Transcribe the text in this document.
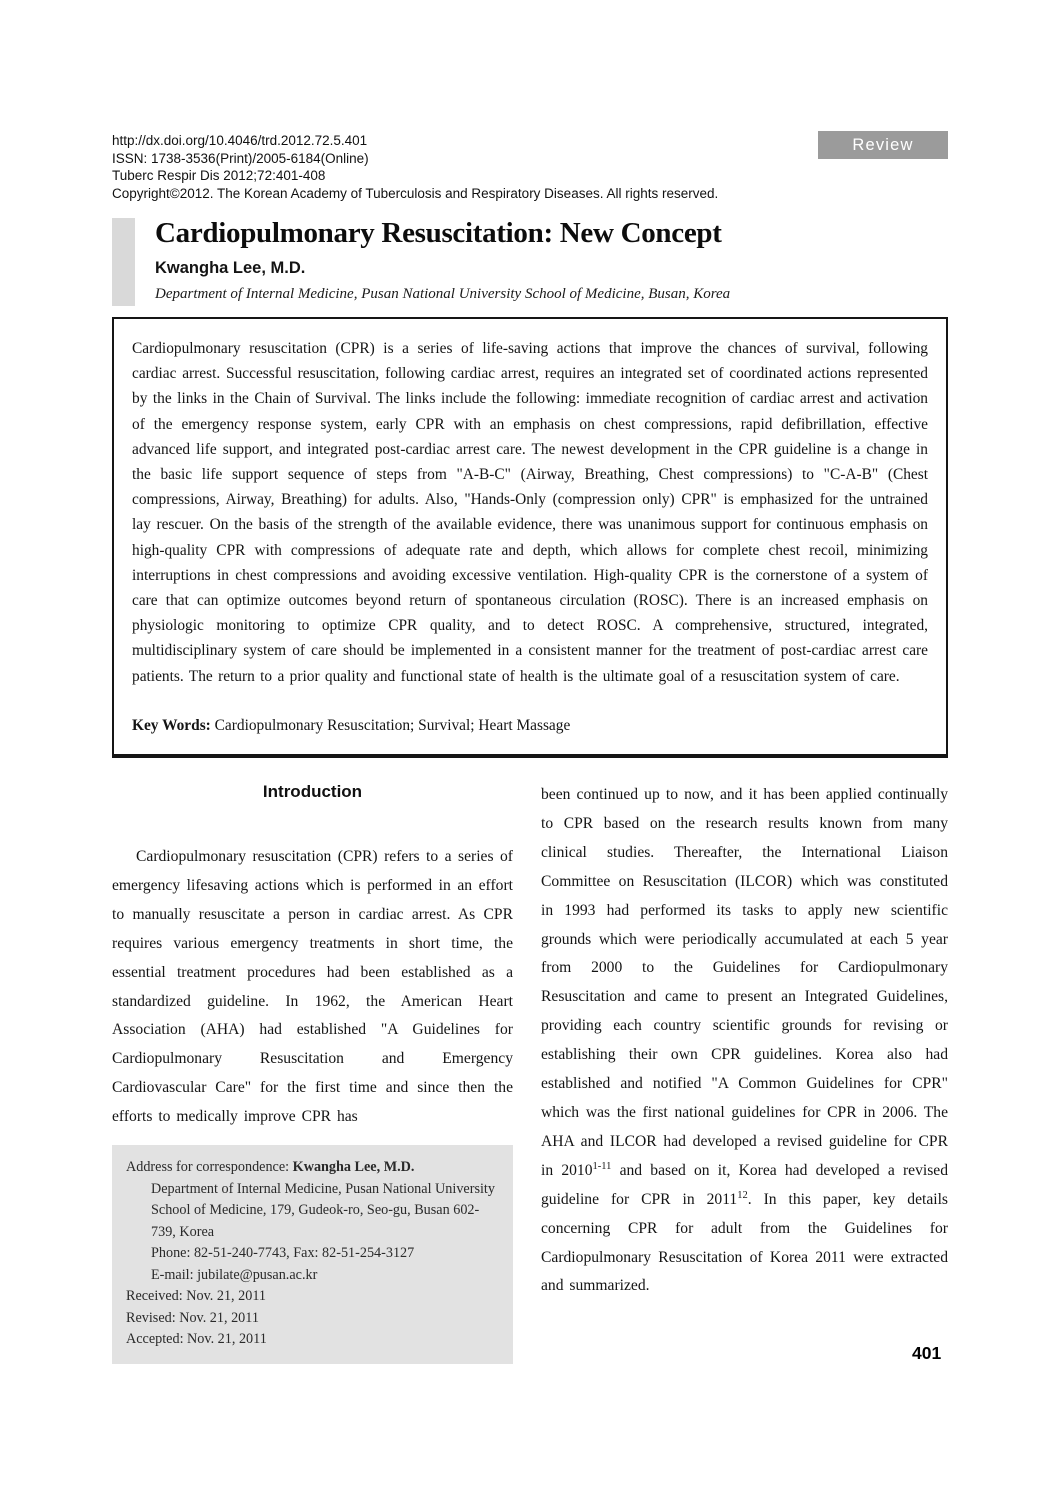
http://dx.doi.org/10.4046/trd.2012.72.5.401
ISSN: 1738-3536(Print)/2005-6184(Online)
Tuberc Respir Dis 2012;72:401-408
Copyright©2012. The Korean Academy of Tuberculosis and Respiratory Diseases. All rights reserved.
Review
Cardiopulmonary Resuscitation: New Concept
Kwangha Lee, M.D.
Department of Internal Medicine, Pusan National University School of Medicine, Busan, Korea

Cardiopulmonary resuscitation (CPR) is a series of life-saving actions that improve the chances of survival, following cardiac arrest. Successful resuscitation, following cardiac arrest, requires an integrated set of coordinated actions represented by the links in the Chain of Survival. The links include the following: immediate recognition of cardiac arrest and activation of the emergency response system, early CPR with an emphasis on chest compressions, rapid defibrillation, effective advanced life support, and integrated post-cardiac arrest care. The newest development in the CPR guideline is a change in the basic life support sequence of steps from "A-B-C" (Airway, Breathing, Chest compressions) to "C-A-B" (Chest compressions, Airway, Breathing) for adults. Also, "Hands-Only (compression only) CPR" is emphasized for the untrained lay rescuer. On the basis of the strength of the available evidence, there was unanimous support for continuous emphasis on high-quality CPR with compressions of adequate rate and depth, which allows for complete chest recoil, minimizing interruptions in chest compressions and avoiding excessive ventilation. High-quality CPR is the cornerstone of a system of care that can optimize outcomes beyond return of spontaneous circulation (ROSC). There is an increased emphasis on physiologic monitoring to optimize CPR quality, and to detect ROSC. A comprehensive, structured, integrated, multidisciplinary system of care should be implemented in a consistent manner for the treatment of post-cardiac arrest care patients. The return to a prior quality and functional state of health is the ultimate goal of a resuscitation system of care.

Key Words: Cardiopulmonary Resuscitation; Survival; Heart Massage

Introduction

Cardiopulmonary resuscitation (CPR) refers to a series of emergency lifesaving actions which is performed in an effort to manually resuscitate a person in cardiac arrest. As CPR requires various emergency treatments in short time, the essential treatment procedures had been established as a standardized guideline. In 1962, the American Heart Association (AHA) had established "A Guidelines for Cardiopulmonary Resuscitation and Emergency Cardiovascular Care" for the first time and since then the efforts to medically improve CPR has

Address for correspondence: Kwangha Lee, M.D.
Department of Internal Medicine, Pusan National University School of Medicine, 179, Gudeok-ro, Seo-gu, Busan 602-739, Korea
Phone: 82-51-240-7743, Fax: 82-51-254-3127
E-mail: jubilate@pusan.ac.kr
Received: Nov. 21, 2011
Revised: Nov. 21, 2011
Accepted: Nov. 21, 2011

been continued up to now, and it has been applied continually to CPR based on the research results known from many clinical studies. Thereafter, the International Liaison Committee on Resuscitation (ILCOR) which was constituted in 1993 had performed its tasks to apply new scientific grounds which were periodically accumulated at each 5 year from 2000 to the Guidelines for Cardiopulmonary Resuscitation and came to present an Integrated Guidelines, providing each country scientific grounds for revising or establishing their own CPR guidelines. Korea also had established and notified "A Common Guidelines for CPR" which was the first national guidelines for CPR in 2006. The AHA and ILCOR had developed a revised guideline for CPR in 2010$^{1-11}$ and based on it, Korea had developed a revised guideline for CPR in 2011$^{12}$. In this paper, key details concerning CPR for adult from the Guidelines for Cardiopulmonary Resuscitation of Korea 2011 were extracted and summarized.

401
